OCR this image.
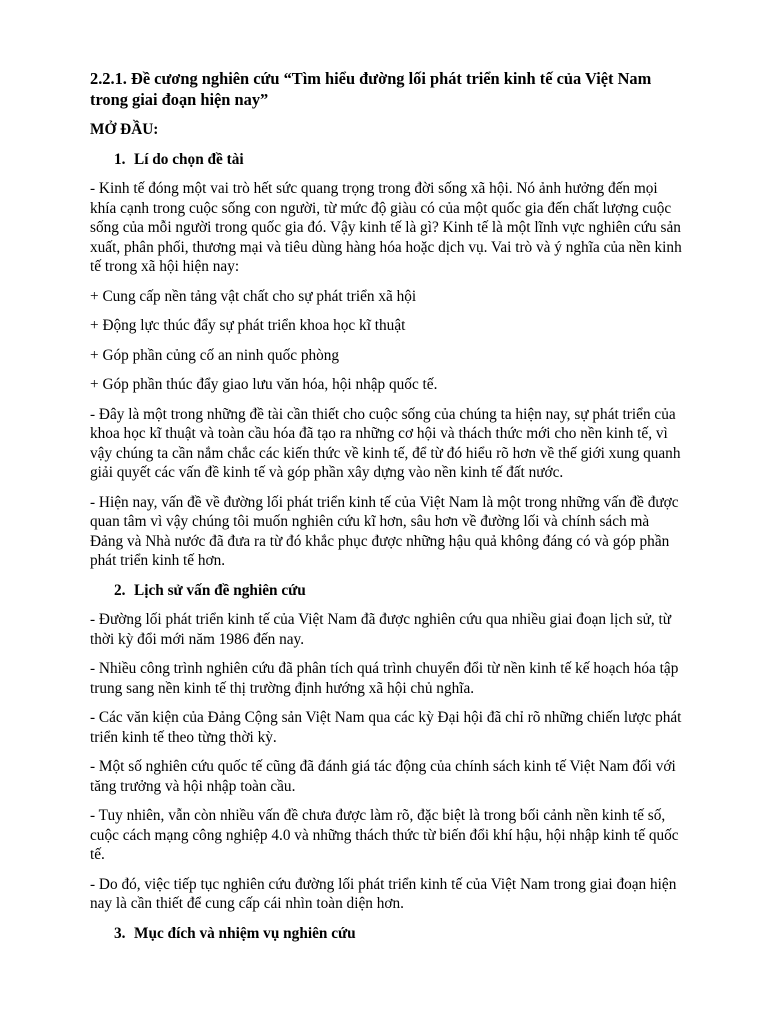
2.2.1. Đề cương nghiên cứu “Tìm hiểu đường lối phát triển kinh tế của Việt Nam trong giai đoạn hiện nay”
MỞ ĐẦU:
1. Lí do chọn đề tài
- Kinh tế đóng một vai trò hết sức quang trọng trong đời sống xã hội. Nó ảnh hưởng đến mọi khía cạnh trong cuộc sống con người, từ mức độ giàu có của một quốc gia đến chất lượng cuộc sống của mỗi người trong quốc gia đó. Vậy kinh tế là gì? Kinh tế là một lĩnh vực nghiên cứu sản xuất, phân phối, thương mại và tiêu dùng hàng hóa hoặc dịch vụ. Vai trò và ý nghĩa của nền kinh tế trong xã hội hiện nay:
+ Cung cấp nền tảng vật chất cho sự phát triển xã hội
+ Động lực thúc đẩy sự phát triển khoa học kĩ thuật
+ Góp phần củng cố an ninh quốc phòng
+ Góp phần thúc đẩy giao lưu văn hóa, hội nhập quốc tế.
- Đây là một trong những đề tài cần thiết cho cuộc sống của chúng ta hiện nay, sự phát triển của khoa học kĩ thuật và toàn cầu hóa đã tạo ra những cơ hội và thách thức mới cho nền kinh tế, vì vậy chúng ta cần nắm chắc các kiến thức về kinh tế, để từ đó hiểu rõ hơn về thế giới xung quanh giải quyết các vấn đề kinh tế và góp phần xây dựng vào nền kinh tế đất nước.
- Hiện nay, vấn đề về đường lối phát triển kinh tế của Việt Nam là một trong những vấn đề được quan tâm vì vậy chúng tôi muốn nghiên cứu kĩ hơn, sâu hơn về đường lối và chính sách mà Đảng và Nhà nước đã đưa ra từ đó khắc phục được những hậu quả không đáng có và góp phần phát triển kinh tế hơn.
2. Lịch sử vấn đề nghiên cứu
- Đường lối phát triển kinh tế của Việt Nam đã được nghiên cứu qua nhiều giai đoạn lịch sử, từ thời kỳ đổi mới năm 1986 đến nay.
- Nhiều công trình nghiên cứu đã phân tích quá trình chuyển đổi từ nền kinh tế kế hoạch hóa tập trung sang nền kinh tế thị trường định hướng xã hội chủ nghĩa.
- Các văn kiện của Đảng Cộng sản Việt Nam qua các kỳ Đại hội đã chỉ rõ những chiến lược phát triển kinh tế theo từng thời kỳ.
- Một số nghiên cứu quốc tế cũng đã đánh giá tác động của chính sách kinh tế Việt Nam đối với tăng trưởng và hội nhập toàn cầu.
- Tuy nhiên, vẫn còn nhiều vấn đề chưa được làm rõ, đặc biệt là trong bối cảnh nền kinh tế số, cuộc cách mạng công nghiệp 4.0 và những thách thức từ biến đổi khí hậu, hội nhập kinh tế quốc tế.
- Do đó, việc tiếp tục nghiên cứu đường lối phát triển kinh tế của Việt Nam trong giai đoạn hiện nay là cần thiết để cung cấp cái nhìn toàn diện hơn.
3. Mục đích và nhiệm vụ nghiên cứu
